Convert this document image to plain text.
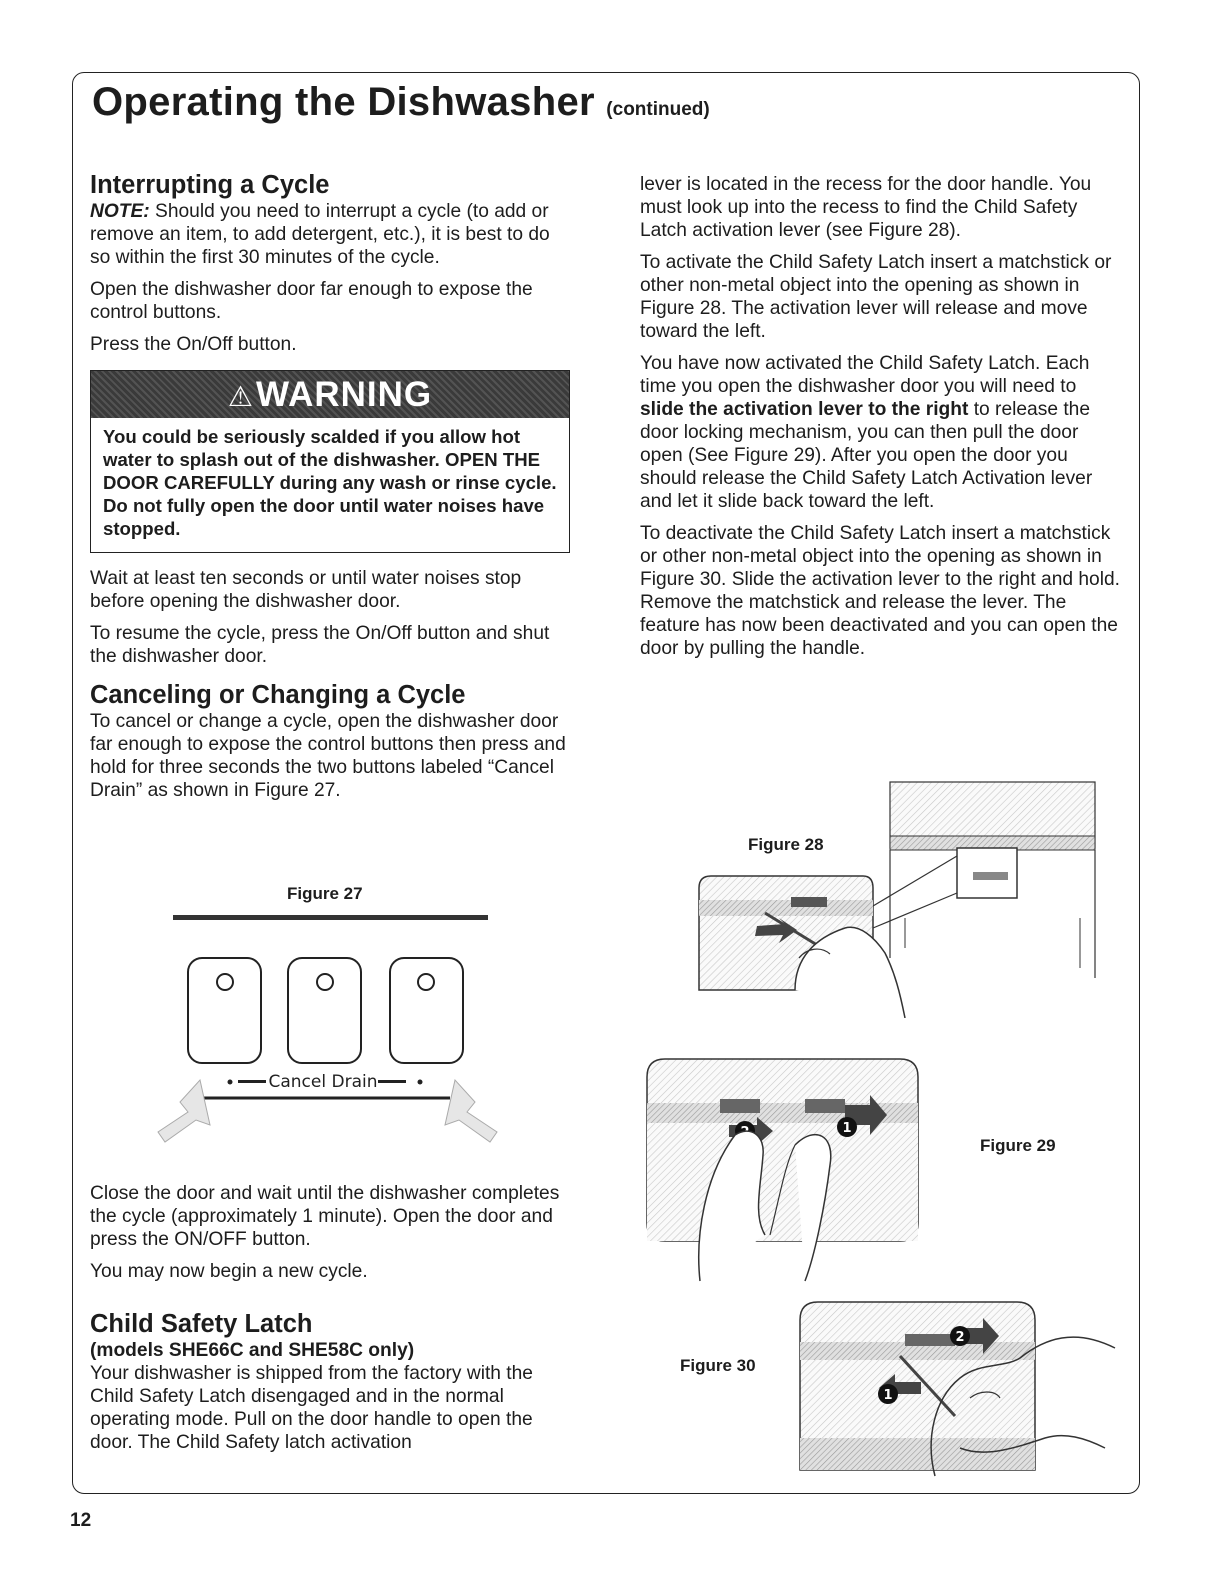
Operating the Dishwasher (continued)
Interrupting a Cycle

NOTE: Should you need to interrupt a cycle (to add or remove an item, to add detergent, etc.), it is best to do so within the first 30 minutes of the cycle.

Open the dishwasher door far enough to expose the control buttons.

Press the On/Off button.

⚠WARNING
You could be seriously scalded if you allow hot water to splash out of the dishwasher. OPEN THE DOOR CAREFULLY during any wash or rinse cycle. Do not fully open the door until water noises have stopped.

Wait at least ten seconds or until water noises stop before opening the dishwasher door.

To resume the cycle, press the On/Off button and shut the dishwasher door.

Canceling or Changing a Cycle

To cancel or change a cycle, open the dishwasher door far enough to expose the control buttons then press and hold for three seconds the two buttons labeled “Cancel Drain” as shown in Figure 27.

Figure 27
Cancel Drain

Close the door and wait until the dishwasher completes the cycle (approximately 1 minute). Open the door and press the ON/OFF button.

You may now begin a new cycle.

Child Safety Latch
(models SHE66C and SHE58C only)

Your dishwasher is shipped from the factory with the Child Safety Latch disengaged and in the normal operating mode. Pull on the door handle to open the door. The Child Safety latch activation

lever is located in the recess for the door handle. You must look up into the recess to find the Child Safety Latch activation lever (see Figure 28).

To activate the Child Safety Latch insert a matchstick or other non-metal object into the opening as shown in Figure 28. The activation lever will release and move toward the left.

You have now activated the Child Safety Latch. Each time you open the dishwasher door you will need to slide the activation lever to the right to release the door locking mechanism, you can then pull the door open (See Figure 29). After you open the door you should release the Child Safety Latch Activation lever and let it slide back toward the left.

To deactivate the Child Safety Latch insert a matchstick or other non-metal object into the opening as shown in Figure 30. Slide the activation lever to the right and hold. Remove the matchstick and release the lever. The feature has now been deactivated and you can open the door by pulling the handle.

Figure 28
Figure 29
1
Figure 30
2
1
12
